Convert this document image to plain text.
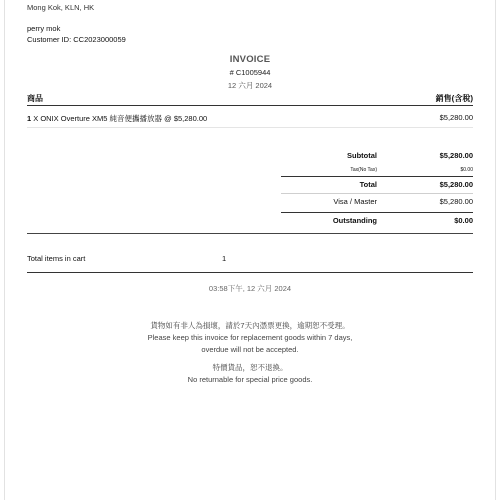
Mong Kok, KLN, HK
perry mok
Customer ID: CC2023000059
INVOICE
# C1005944
12 六月 2024
商品	銷售(含稅)
1 X ONIX Overture XM5 純音便攜播放器 @ $5,280.00	$5,280.00
Subtotal	$5,280.00
Tax(No Tax)	$0.00
Total	$5,280.00
Visa / Master	$5,280.00
Outstanding	$0.00
Total items in cart	1
03:58下午, 12 六月 2024
貨物如有非人為損壞，請於7天內憑票更換，逾期恕不受理。
Please keep this invoice for replacement goods within 7 days,
overdue will not be accepted.
特價貨品，恕不退換。
No returnable for special price goods.
